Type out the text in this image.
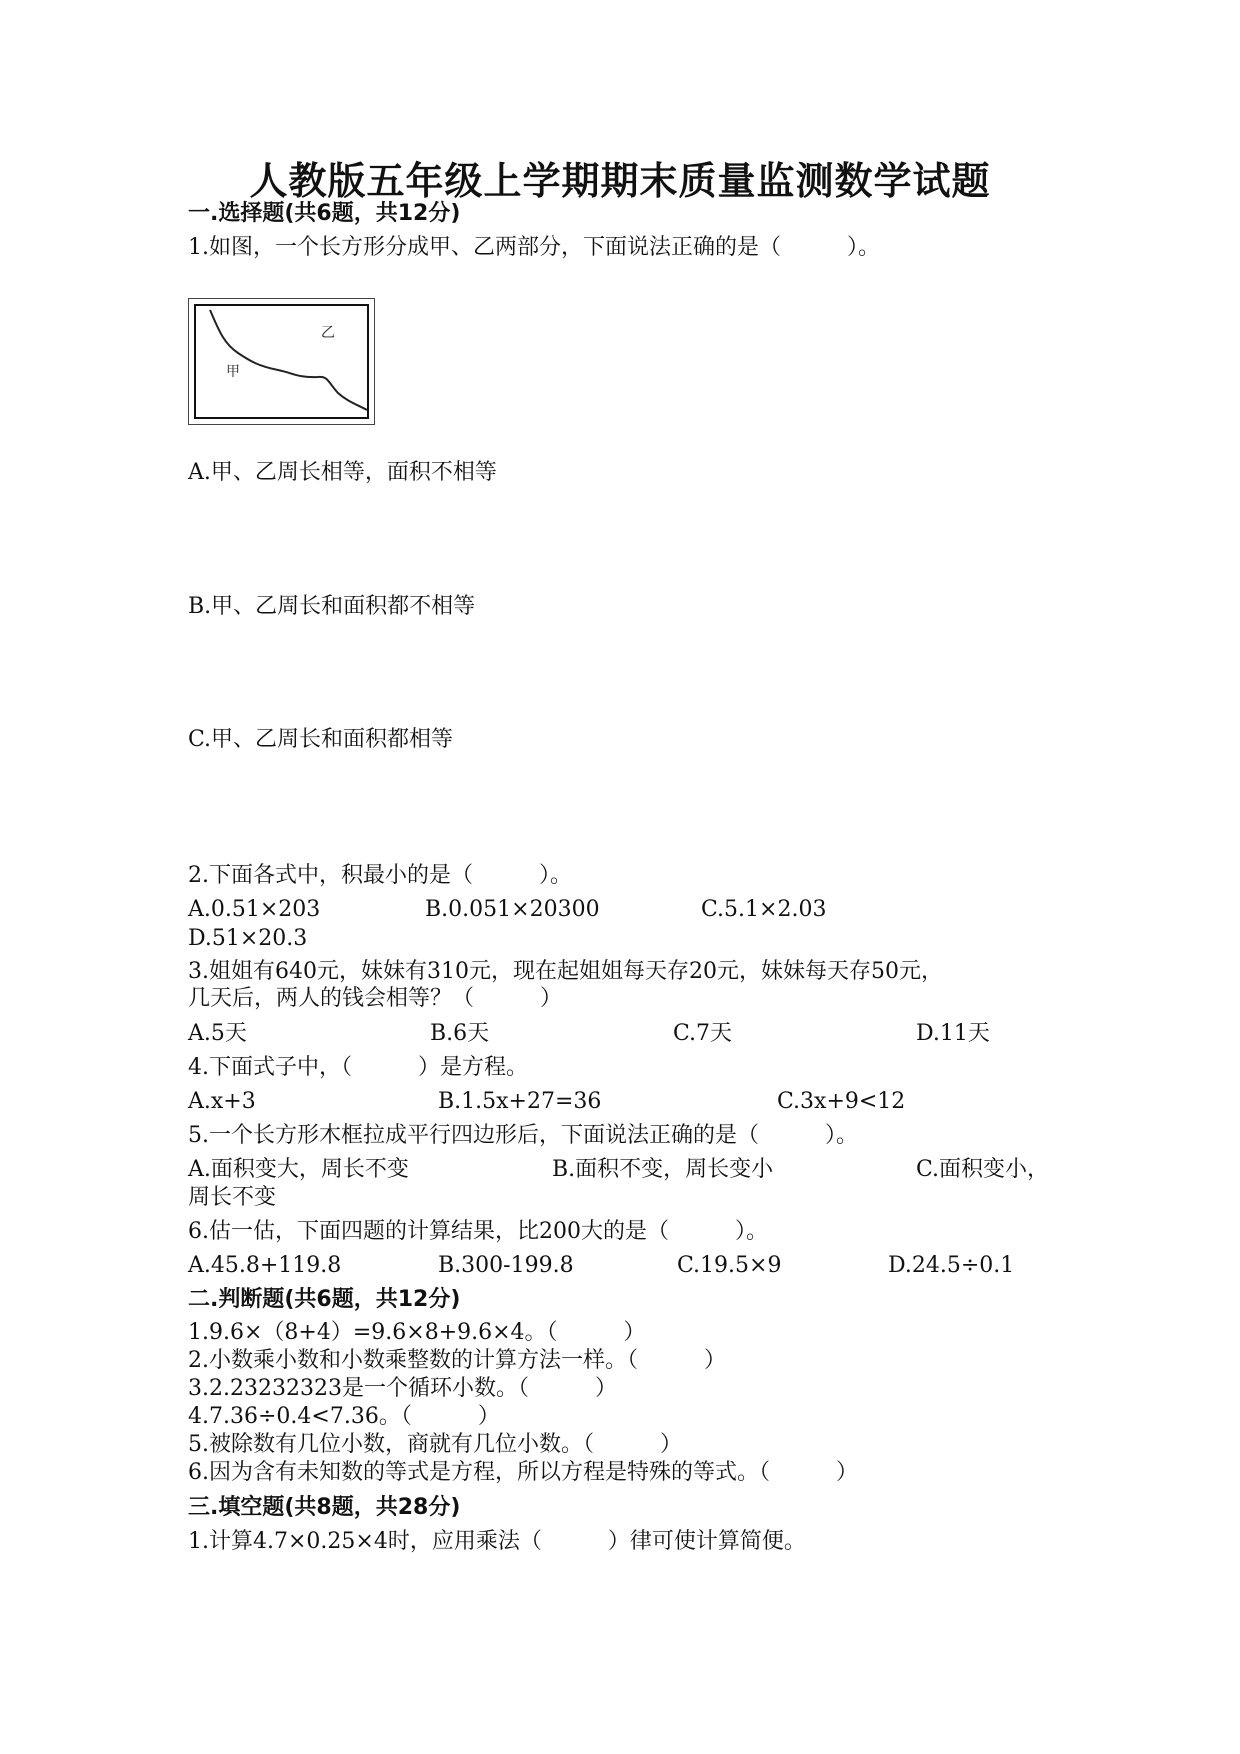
人教版五年级上学期期末质量监测数学试题
一.选择题(共6题，共12分)
1.如图，一个长方形分成甲、乙两部分，下面说法正确的是（　　　）。
乙
甲
A.甲、乙周长相等，面积不相等
B.甲、乙周长和面积都不相等
C.甲、乙周长和面积都相等
2.下面各式中，积最小的是（　　　）。
A.0.51×203	B.0.051×20300	C.5.1×2.03
D.51×20.3
3.姐姐有640元，妹妹有310元，现在起姐姐每天存20元，妹妹每天存50元，
几天后，两人的钱会相等？（　　　）
A.5天	B.6天	C.7天	D.11天
4.下面式子中，（　　　）是方程。
A.x+3	B.1.5x+27=36	C.3x+9<12
5.一个长方形木框拉成平行四边形后，下面说法正确的是（　　　）。
A.面积变大，周长不变	B.面积不变，周长变小	C.面积变小，
周长不变
6.估一估，下面四题的计算结果，比200大的是（　　　）。
A.45.8+119.8	B.300-199.8	C.19.5×9	D.24.5÷0.1
二.判断题(共6题，共12分)
1.9.6×（8+4）=9.6×8+9.6×4。（　　　）
2.小数乘小数和小数乘整数的计算方法一样。（　　　）
3.2.23232323是一个循环小数。（　　　）
4.7.36÷0.4<7.36。（　　　）
5.被除数有几位小数，商就有几位小数。（　　　）
6.因为含有未知数的等式是方程，所以方程是特殊的等式。（　　　）
三.填空题(共8题，共28分)
1.计算4.7×0.25×4时，应用乘法（　　　）律可使计算简便。
